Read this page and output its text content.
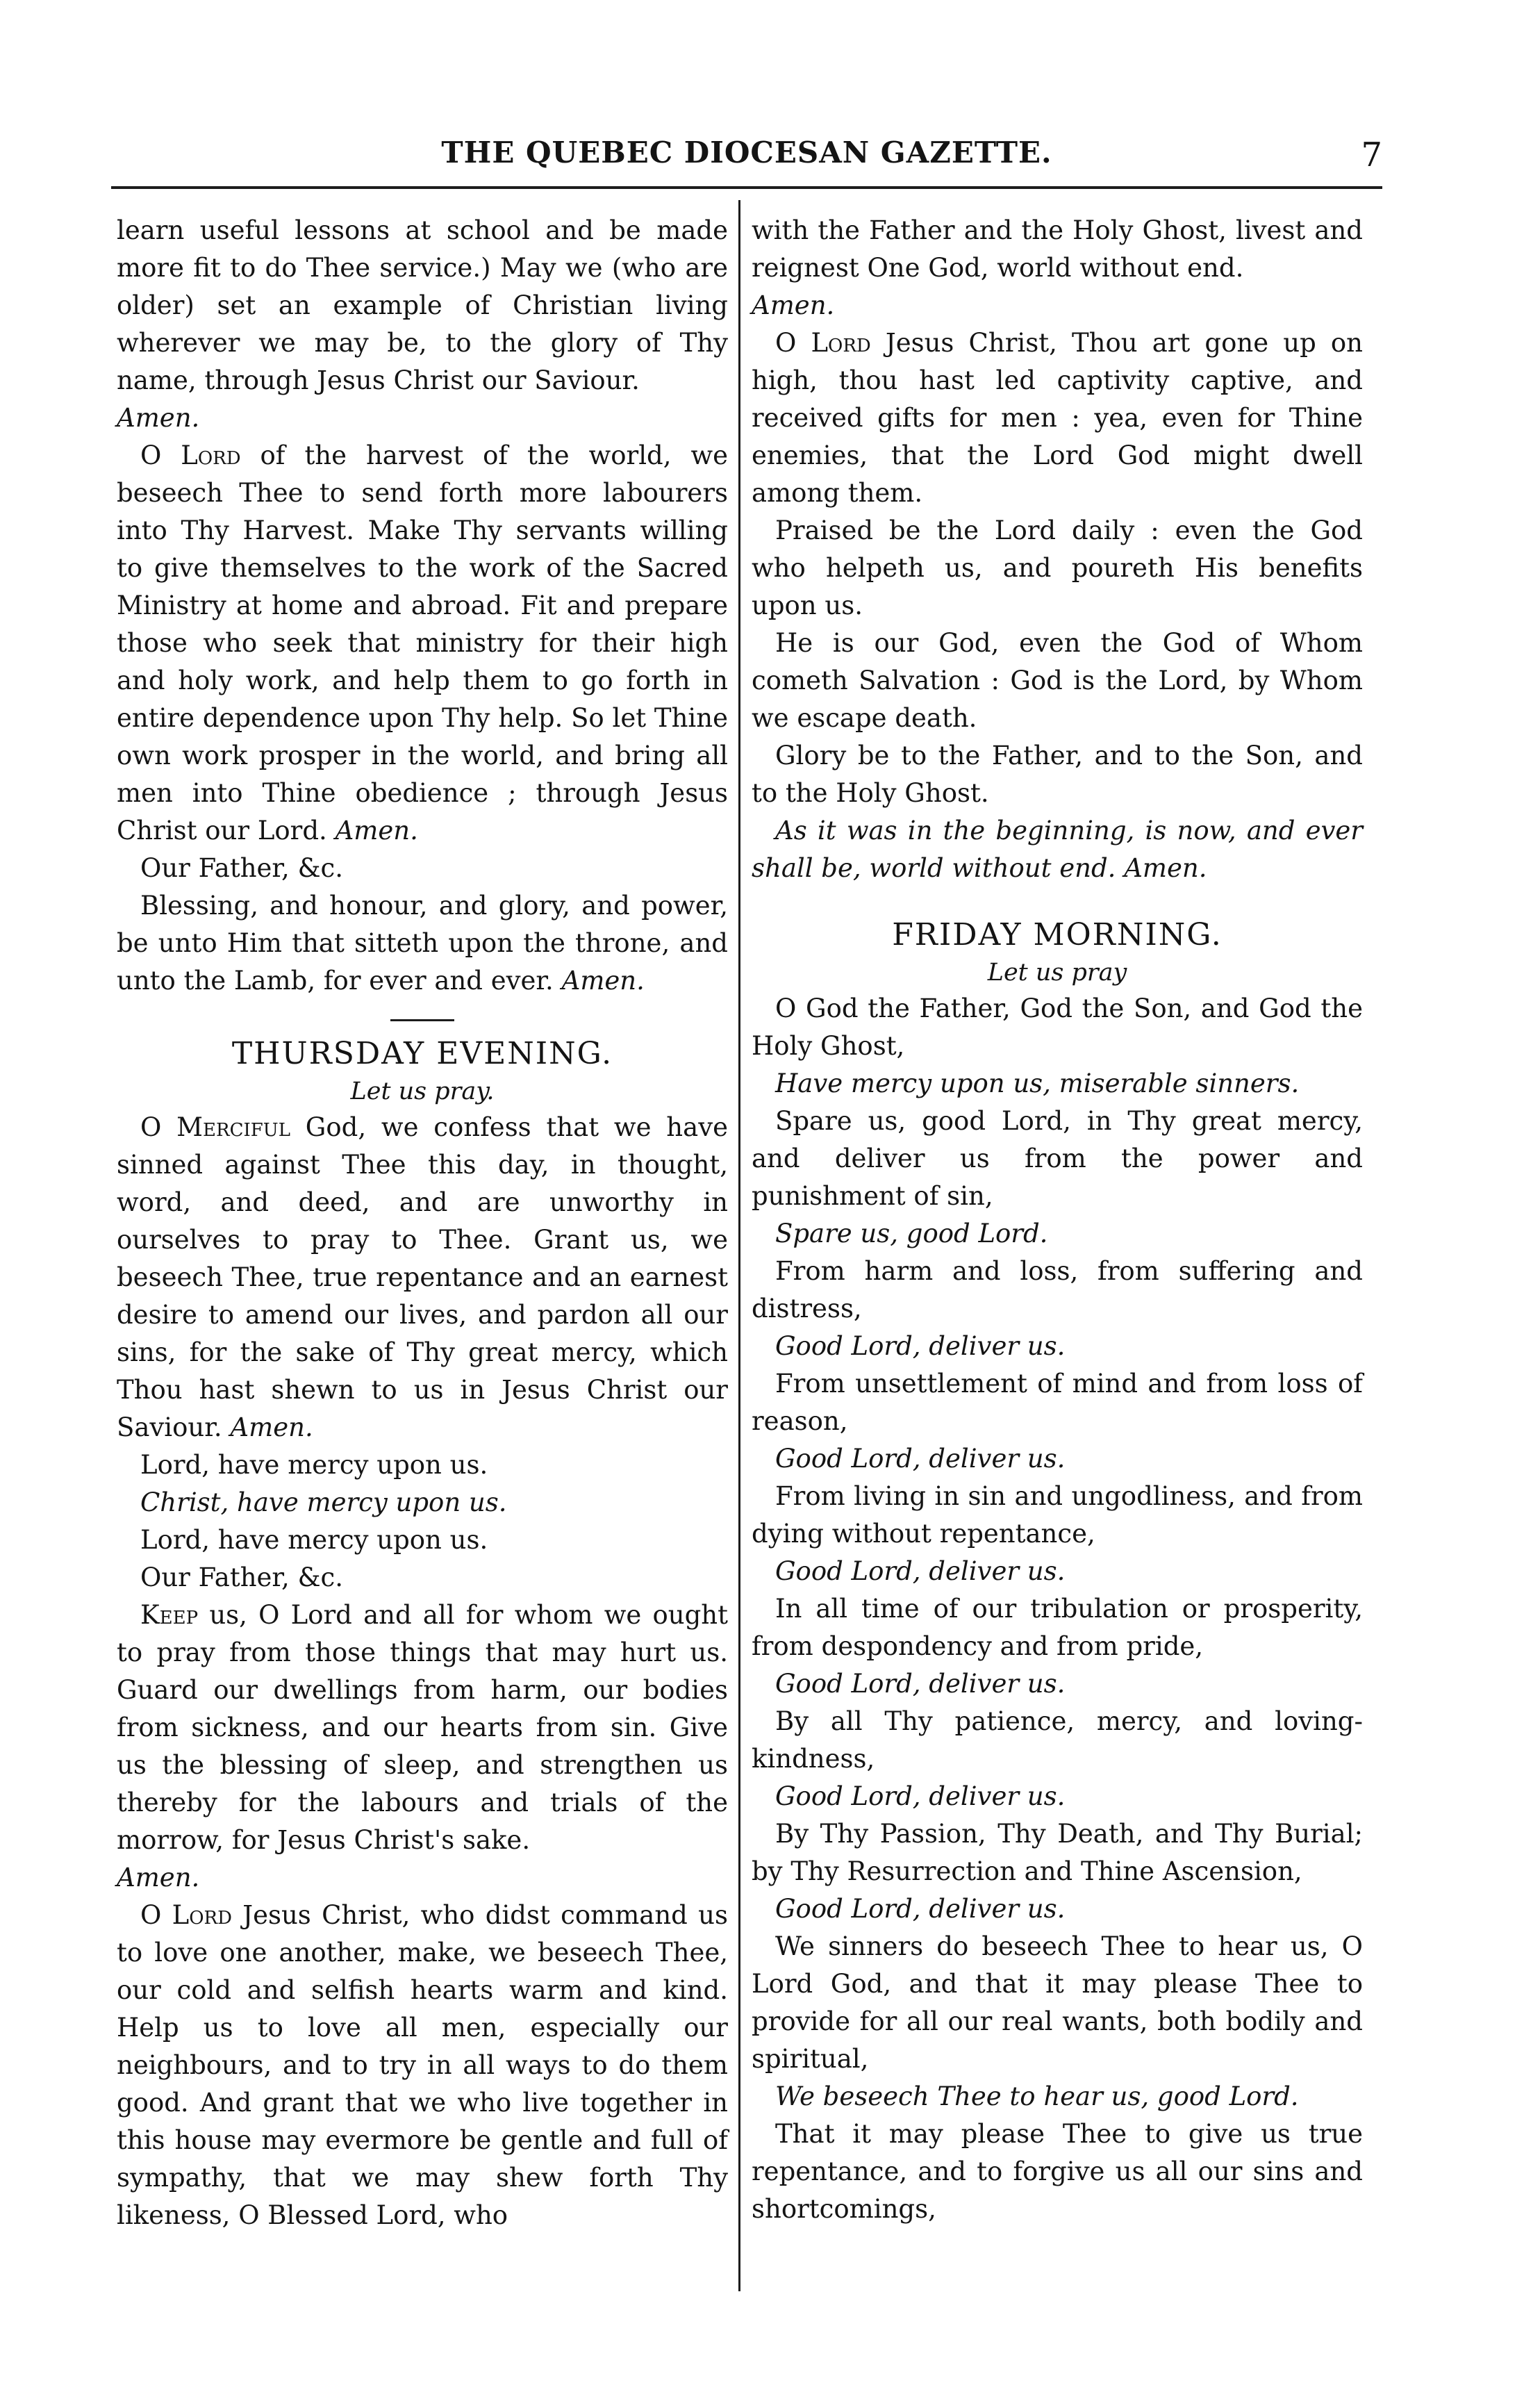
THE QUEBEC DIOCESAN GAZETTE.	7

learn useful lessons at school and be made more fit to do Thee service.) May we (who are older) set an example of Christian living wherever we may be, to the glory of Thy name, through Jesus Christ our Saviour.

Amen.

O Lord of the harvest of the world, we beseech Thee to send forth more labourers into Thy Harvest. Make Thy servants willing to give themselves to the work of the Sacred Ministry at home and abroad. Fit and prepare those who seek that ministry for their high and holy work, and help them to go forth in entire dependence upon Thy help. So let Thine own work prosper in the world, and bring all men into Thine obedience ; through Jesus Christ our Lord. Amen.

Our Father, &c.

Blessing, and honour, and glory, and power, be unto Him that sitteth upon the throne, and unto the Lamb, for ever and ever. Amen.

THURSDAY EVENING.
Let us pray.

O Merciful God, we confess that we have sinned against Thee this day, in thought, word, and deed, and are unworthy in ourselves to pray to Thee. Grant us, we beseech Thee, true repentance and an earnest desire to amend our lives, and pardon all our sins, for the sake of Thy great mercy, which Thou hast shewn to us in Jesus Christ our Saviour. Amen.

Lord, have mercy upon us.

Christ, have mercy upon us.

Lord, have mercy upon us.

Our Father, &c.

Keep us, O Lord and all for whom we ought to pray from those things that may hurt us. Guard our dwellings from harm, our bodies from sickness, and our hearts from sin. Give us the blessing of sleep, and strengthen us thereby for the labours and trials of the morrow, for Jesus Christ's sake.

Amen.

O Lord Jesus Christ, who didst command us to love one another, make, we beseech Thee, our cold and selfish hearts warm and kind. Help us to love all men, especially our neighbours, and to try in all ways to do them good. And grant that we who live together in this house may evermore be gentle and full of sympathy, that we may shew forth Thy likeness, O Blessed Lord, who

with the Father and the Holy Ghost, livest and reignest One God, world without end.

Amen.

O Lord Jesus Christ, Thou art gone up on high, thou hast led captivity captive, and received gifts for men : yea, even for Thine enemies, that the Lord God might dwell among them.

Praised be the Lord daily : even the God who helpeth us, and poureth His benefits upon us.

He is our God, even the God of Whom cometh Salvation : God is the Lord, by Whom we escape death.

Glory be to the Father, and to the Son, and to the Holy Ghost.

As it was in the beginning, is now, and ever shall be, world without end. Amen.

FRIDAY MORNING.
Let us pray

O God the Father, God the Son, and God the Holy Ghost,

Have mercy upon us, miserable sinners.

Spare us, good Lord, in Thy great mercy, and deliver us from the power and punishment of sin,

Spare us, good Lord.

From harm and loss, from suffering and distress,

Good Lord, deliver us.

From unsettlement of mind and from loss of reason,

Good Lord, deliver us.

From living in sin and ungodliness, and from dying without repentance,

Good Lord, deliver us.

In all time of our tribulation or prosperity, from despondency and from pride,

Good Lord, deliver us.

By all Thy patience, mercy, and loving-kindness,

Good Lord, deliver us.

By Thy Passion, Thy Death, and Thy Burial; by Thy Resurrection and Thine Ascension,

Good Lord, deliver us.

We sinners do beseech Thee to hear us, O Lord God, and that it may please Thee to provide for all our real wants, both bodily and spiritual,

We beseech Thee to hear us, good Lord.

That it may please Thee to give us true repentance, and to forgive us all our sins and shortcomings,
